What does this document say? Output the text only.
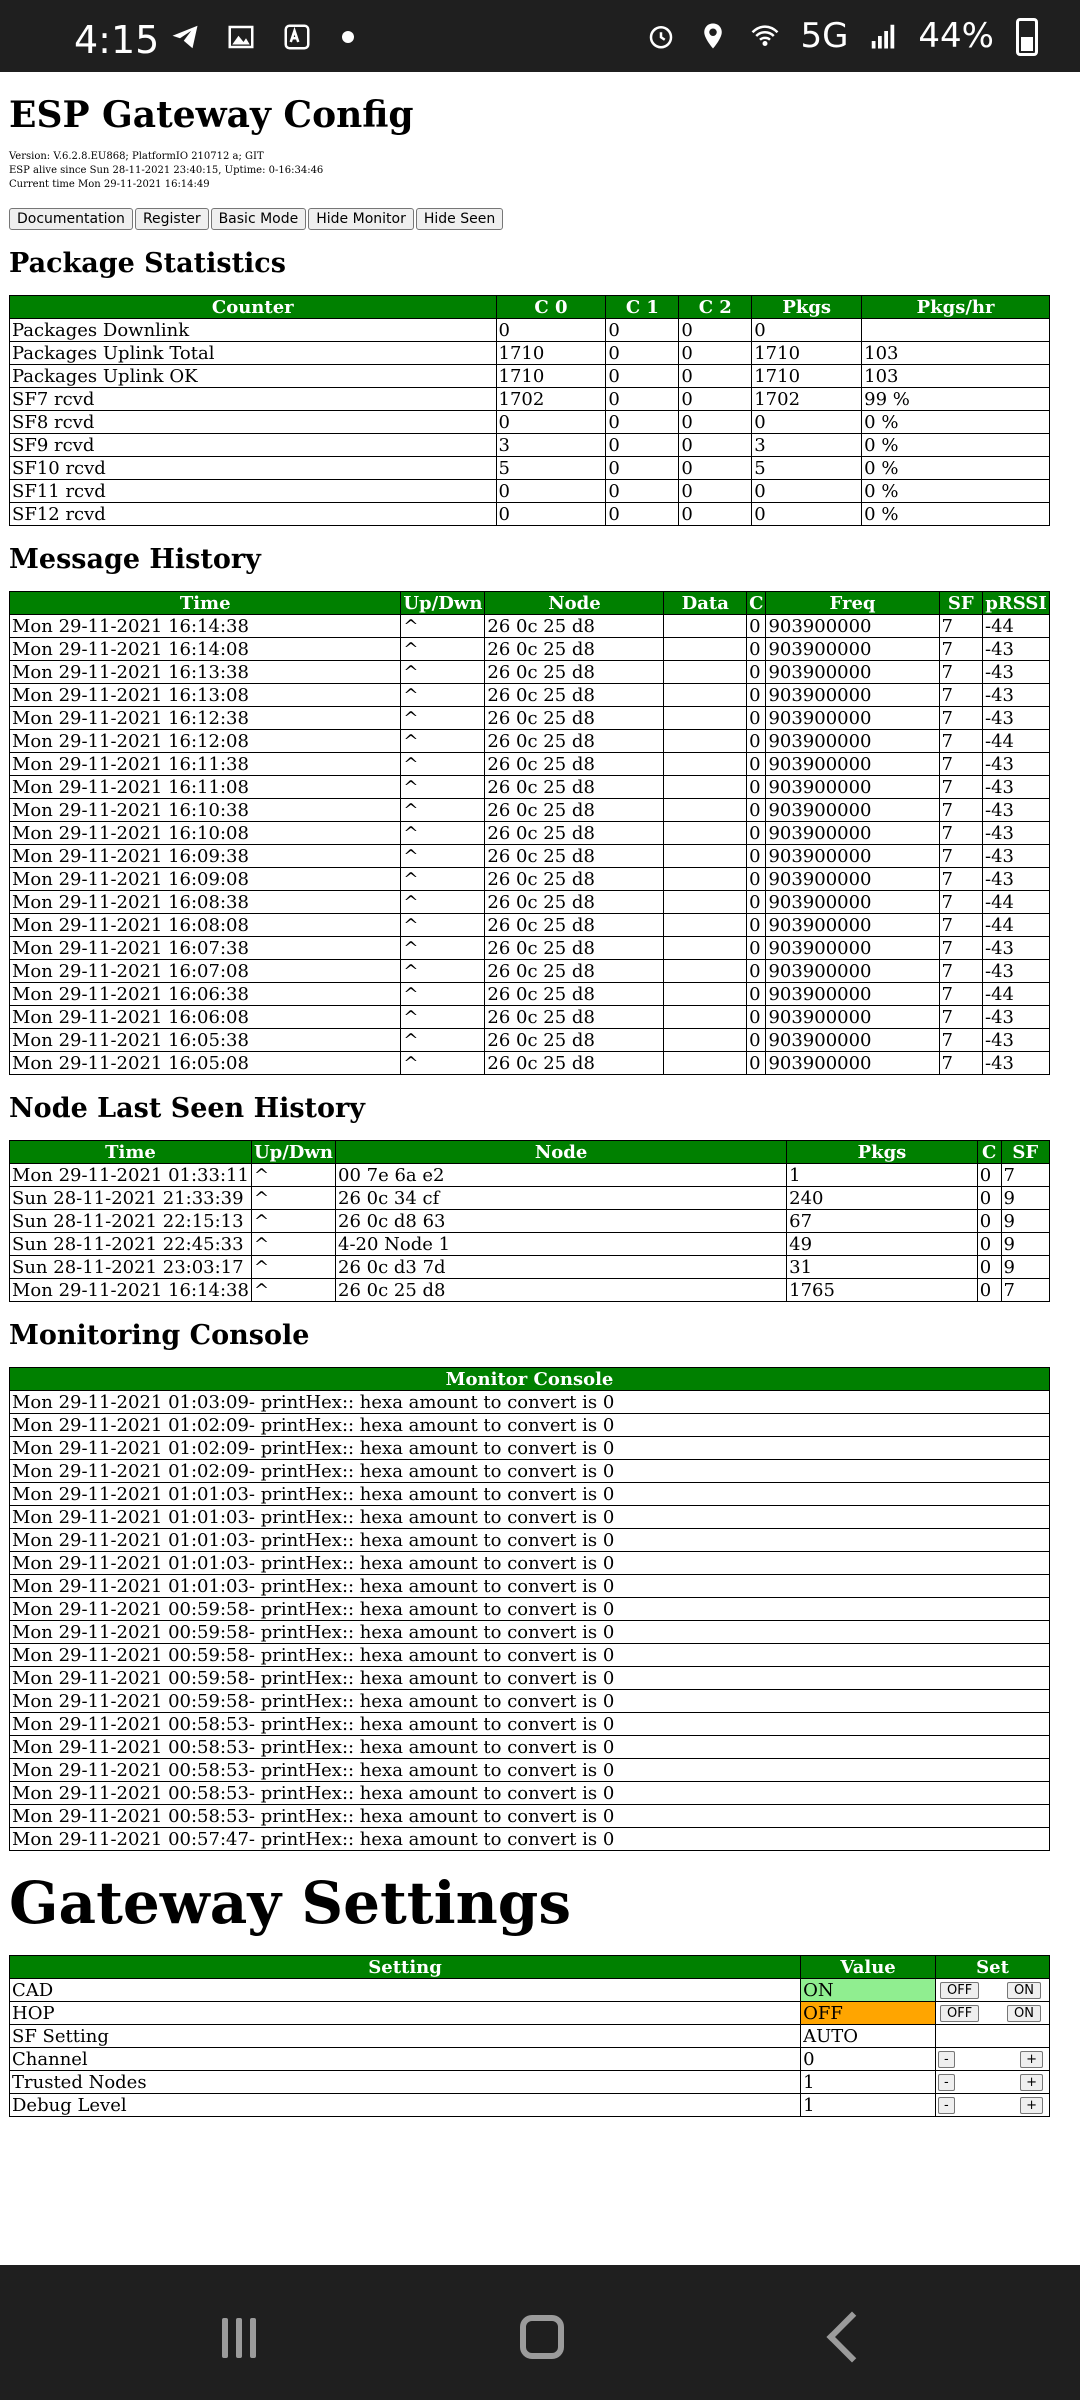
4:15	5G 44%
ESP Gateway Config
Version: V.6.2.8.EU868; PlatformIO 210712 a; GIT
ESP alive since Sun 28-11-2021 23:40:15, Uptime: 0-16:34:46
Current time Mon 29-11-2021 16:14:49
Documentation	Register	Basic Mode	Hide Monitor	Hide Seen
Package Statistics
Counter	C 0	C 1	C 2	Pkgs	Pkgs/hr
Packages Downlink	0	0	0	0	
Packages Uplink Total	1710	0	0	1710	103
Packages Uplink OK	1710	0	0	1710	103
SF7 rcvd	1702	0	0	1702	99 %
SF8 rcvd	0	0	0	0	0 %
SF9 rcvd	3	0	0	3	0 %
SF10 rcvd	5	0	0	5	0 %
SF11 rcvd	0	0	0	0	0 %
SF12 rcvd	0	0	0	0	0 %
Message History
Time	Up/Dwn	Node	Data	C	Freq	SF	pRSSI
Mon 29-11-2021 16:14:38	^	26 0c 25 d8		0	903900000	7	-44
Mon 29-11-2021 16:14:08	^	26 0c 25 d8		0	903900000	7	-43
Mon 29-11-2021 16:13:38	^	26 0c 25 d8		0	903900000	7	-43
Mon 29-11-2021 16:13:08	^	26 0c 25 d8		0	903900000	7	-43
Mon 29-11-2021 16:12:38	^	26 0c 25 d8		0	903900000	7	-43
Mon 29-11-2021 16:12:08	^	26 0c 25 d8		0	903900000	7	-44
Mon 29-11-2021 16:11:38	^	26 0c 25 d8		0	903900000	7	-43
Mon 29-11-2021 16:11:08	^	26 0c 25 d8		0	903900000	7	-43
Mon 29-11-2021 16:10:38	^	26 0c 25 d8		0	903900000	7	-43
Mon 29-11-2021 16:10:08	^	26 0c 25 d8		0	903900000	7	-43
Mon 29-11-2021 16:09:38	^	26 0c 25 d8		0	903900000	7	-43
Mon 29-11-2021 16:09:08	^	26 0c 25 d8		0	903900000	7	-43
Mon 29-11-2021 16:08:38	^	26 0c 25 d8		0	903900000	7	-44
Mon 29-11-2021 16:08:08	^	26 0c 25 d8		0	903900000	7	-44
Mon 29-11-2021 16:07:38	^	26 0c 25 d8		0	903900000	7	-43
Mon 29-11-2021 16:07:08	^	26 0c 25 d8		0	903900000	7	-43
Mon 29-11-2021 16:06:38	^	26 0c 25 d8		0	903900000	7	-44
Mon 29-11-2021 16:06:08	^	26 0c 25 d8		0	903900000	7	-43
Mon 29-11-2021 16:05:38	^	26 0c 25 d8		0	903900000	7	-43
Mon 29-11-2021 16:05:08	^	26 0c 25 d8		0	903900000	7	-43
Node Last Seen History
Time	Up/Dwn	Node	Pkgs	C	SF
Mon 29-11-2021 01:33:11	^	00 7e 6a e2	1	0	7
Sun 28-11-2021 21:33:39	^	26 0c 34 cf	240	0	9
Sun 28-11-2021 22:15:13	^	26 0c d8 63	67	0	9
Sun 28-11-2021 22:45:33	^	4-20 Node 1	49	0	9
Sun 28-11-2021 23:03:17	^	26 0c d3 7d	31	0	9
Mon 29-11-2021 16:14:38	^	26 0c 25 d8	1765	0	7
Monitoring Console
Monitor Console
Mon 29-11-2021 01:03:09- printHex:: hexa amount to convert is 0
Mon 29-11-2021 01:02:09- printHex:: hexa amount to convert is 0
Mon 29-11-2021 01:02:09- printHex:: hexa amount to convert is 0
Mon 29-11-2021 01:02:09- printHex:: hexa amount to convert is 0
Mon 29-11-2021 01:01:03- printHex:: hexa amount to convert is 0
Mon 29-11-2021 01:01:03- printHex:: hexa amount to convert is 0
Mon 29-11-2021 01:01:03- printHex:: hexa amount to convert is 0
Mon 29-11-2021 01:01:03- printHex:: hexa amount to convert is 0
Mon 29-11-2021 01:01:03- printHex:: hexa amount to convert is 0
Mon 29-11-2021 00:59:58- printHex:: hexa amount to convert is 0
Mon 29-11-2021 00:59:58- printHex:: hexa amount to convert is 0
Mon 29-11-2021 00:59:58- printHex:: hexa amount to convert is 0
Mon 29-11-2021 00:59:58- printHex:: hexa amount to convert is 0
Mon 29-11-2021 00:59:58- printHex:: hexa amount to convert is 0
Mon 29-11-2021 00:58:53- printHex:: hexa amount to convert is 0
Mon 29-11-2021 00:58:53- printHex:: hexa amount to convert is 0
Mon 29-11-2021 00:58:53- printHex:: hexa amount to convert is 0
Mon 29-11-2021 00:58:53- printHex:: hexa amount to convert is 0
Mon 29-11-2021 00:58:53- printHex:: hexa amount to convert is 0
Mon 29-11-2021 00:57:47- printHex:: hexa amount to convert is 0
Gateway Settings
Setting	Value	Set
CAD	ON	OFF ON

HOP	OFF	OFF ON

SF Setting	AUTO	
Channel	0	- +

Trusted Nodes	1	- +

Debug Level	1	- +
